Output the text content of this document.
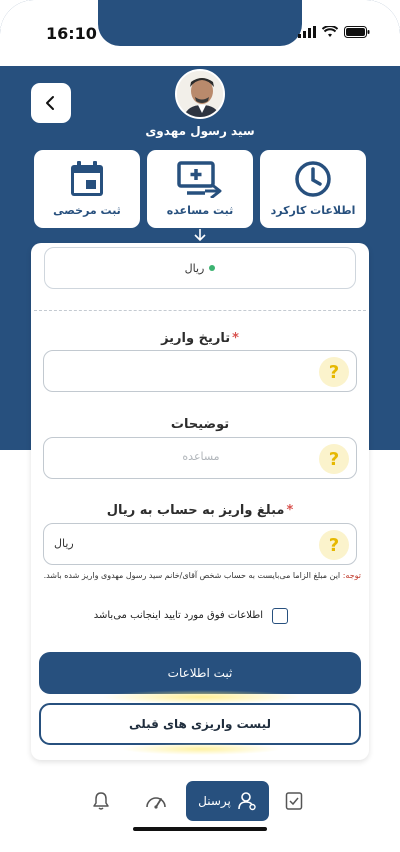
16:10
سید رسول مهدوی
اطلاعات کارکرد
ثبت مساعده
ثبت مرخصی
ریال
*تاریخ واریز
?
توضیحات
مساعده	?
*مبلغ واریز به حساب به ریال
ریال	?
توجه: این مبلغ الزاما می‌بایست به حساب شخص آقای/خانم سید رسول مهدوی واریز شده باشد.
اطلاعات فوق مورد تایید اینجانب می‌باشد
ثبت اطلاعات
لیست واریزی های قبلی
پرسنل
